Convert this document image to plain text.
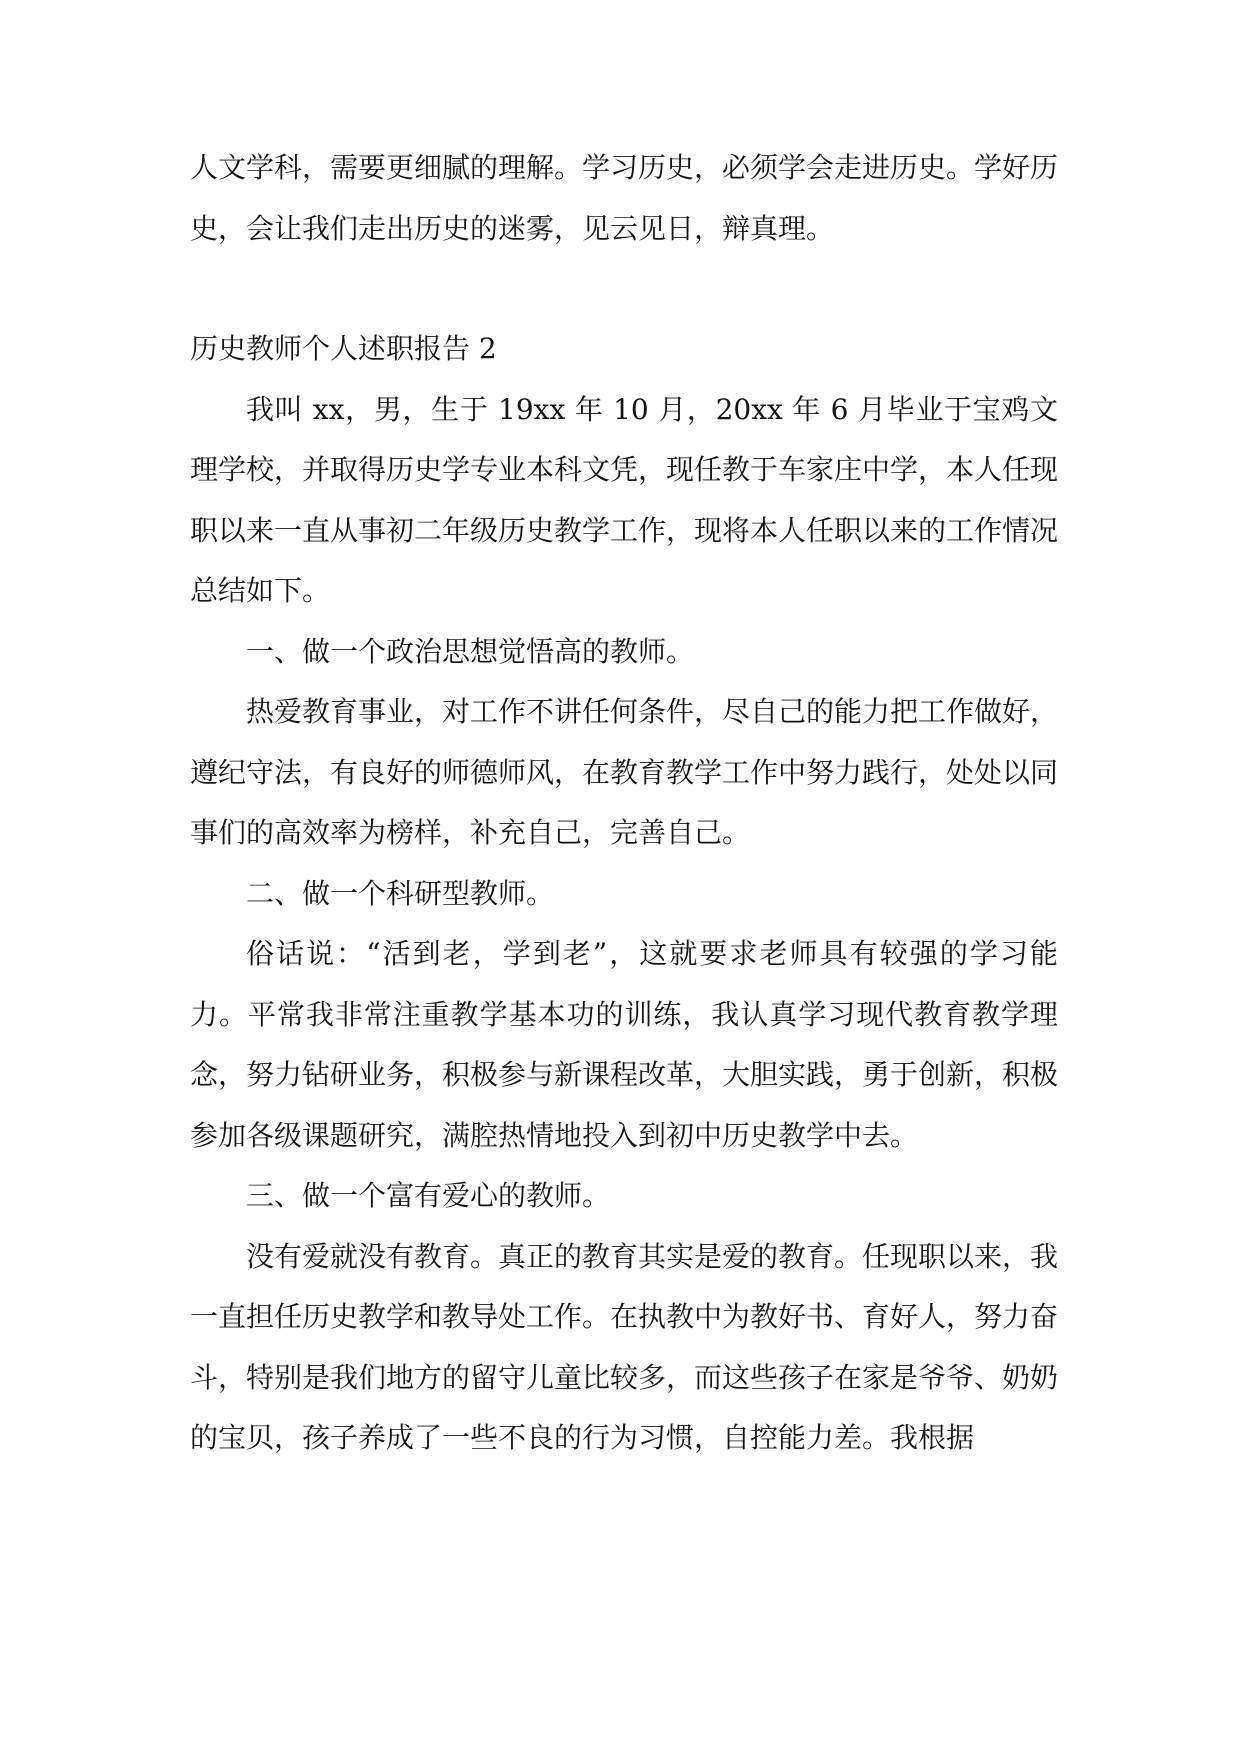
人文学科，需要更细腻的理解。学习历史，必须学会走进历史。学好历史，会让我们走出历史的迷雾，见云见日，辩真理。

历史教师个人述职报告 2

我叫 xx，男，生于 19xx 年 10 月，20xx 年 6 月毕业于宝鸡文理学校，并取得历史学专业本科文凭，现任教于车家庄中学，本人任现职以来一直从事初二年级历史教学工作，现将本人任职以来的工作情况总结如下。

一、做一个政治思想觉悟高的教师。

热爱教育事业，对工作不讲任何条件，尽自己的能力把工作做好，遵纪守法，有良好的师德师风，在教育教学工作中努力践行，处处以同事们的高效率为榜样，补充自己，完善自己。

二、做一个科研型教师。

俗话说：“活到老，学到老”，这就要求老师具有较强的学习能力。平常我非常注重教学基本功的训练，我认真学习现代教育教学理念，努力钻研业务，积极参与新课程改革，大胆实践，勇于创新，积极参加各级课题研究，满腔热情地投入到初中历史教学中去。

三、做一个富有爱心的教师。

没有爱就没有教育。真正的教育其实是爱的教育。任现职以来，我一直担任历史教学和教导处工作。在执教中为教好书、育好人，努力奋斗，特别是我们地方的留守儿童比较多，而这些孩子在家是爷爷、奶奶的宝贝，孩子养成了一些不良的行为习惯，自控能力差。我根据
